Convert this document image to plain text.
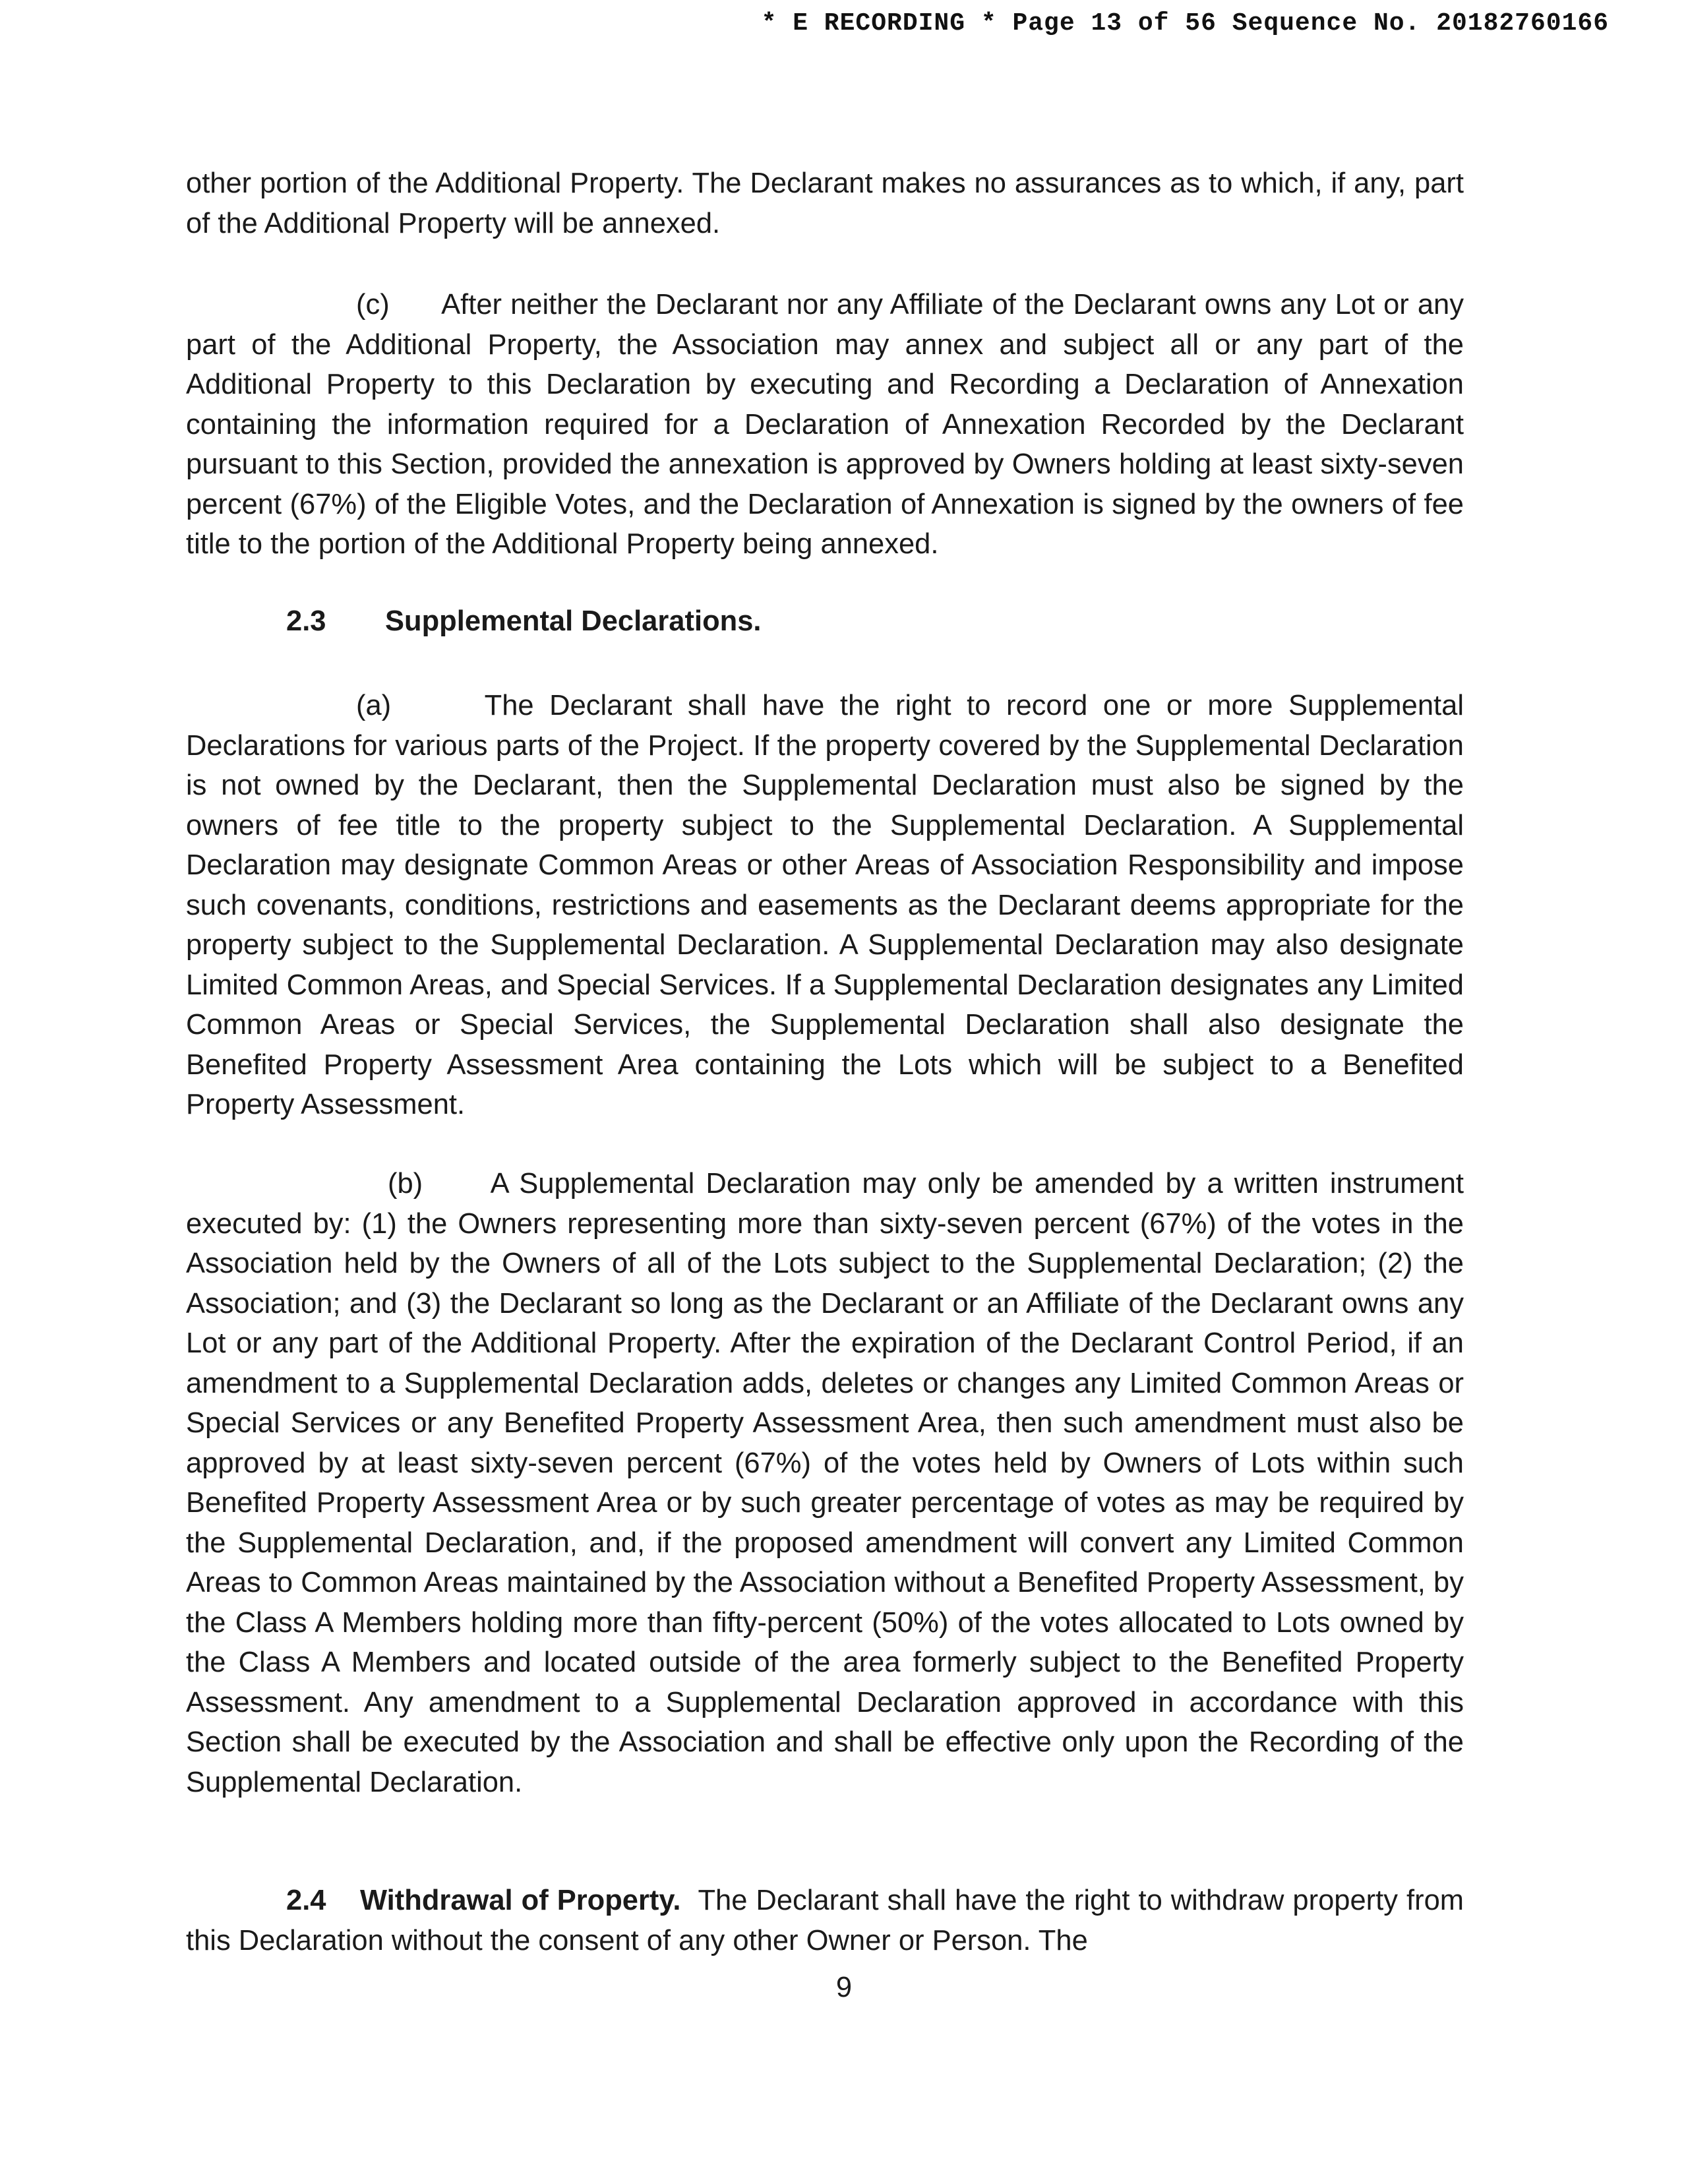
* E RECORDING * Page 13 of 56 Sequence No. 20182760166

other portion of the Additional Property. The Declarant makes no assurances as to which, if any, part of the Additional Property will be annexed.

(c)      After neither the Declarant nor any Affiliate of the Declarant owns any Lot or any part of the Additional Property, the Association may annex and subject all or any part of the Additional Property to this Declaration by executing and Recording a Declaration of Annexation containing the information required for a Declaration of Annexation Recorded by the Declarant pursuant to this Section, provided the annexation is approved by Owners holding at least sixty-seven percent (67%) of the Eligible Votes, and the Declaration of Annexation is signed by the owners of fee title to the portion of the Additional Property being annexed.

2.3 Supplemental Declarations.

(a)      The Declarant shall have the right to record one or more Supplemental Declarations for various parts of the Project. If the property covered by the Supplemental Declaration is not owned by the Declarant, then the Supplemental Declaration must also be signed by the owners of fee title to the property subject to the Supplemental Declaration. A Supplemental Declaration may designate Common Areas or other Areas of Association Responsibility and impose such covenants, conditions, restrictions and easements as the Declarant deems appropriate for the property subject to the Supplemental Declaration. A Supplemental Declaration may also designate Limited Common Areas, and Special Services. If a Supplemental Declaration designates any Limited Common Areas or Special Services, the Supplemental Declaration shall also designate the Benefited Property Assessment Area containing the Lots which will be subject to a Benefited Property Assessment.

(b)      A Supplemental Declaration may only be amended by a written instrument executed by: (1) the Owners representing more than sixty-seven percent (67%) of the votes in the Association held by the Owners of all of the Lots subject to the Supplemental Declaration; (2) the Association; and (3) the Declarant so long as the Declarant or an Affiliate of the Declarant owns any Lot or any part of the Additional Property. After the expiration of the Declarant Control Period, if an amendment to a Supplemental Declaration adds, deletes or changes any Limited Common Areas or Special Services or any Benefited Property Assessment Area, then such amendment must also be approved by at least sixty-seven percent (67%) of the votes held by Owners of Lots within such Benefited Property Assessment Area or by such greater percentage of votes as may be required by the Supplemental Declaration, and, if the proposed amendment will convert any Limited Common Areas to Common Areas maintained by the Association without a Benefited Property Assessment, by the Class A Members holding more than fifty-percent (50%) of the votes allocated to Lots owned by the Class A Members and located outside of the area formerly subject to the Benefited Property Assessment. Any amendment to a Supplemental Declaration approved in accordance with this Section shall be executed by the Association and shall be effective only upon the Recording of the Supplemental Declaration.

2.4 Withdrawal of Property. The Declarant shall have the right to withdraw property from this Declaration without the consent of any other Owner or Person. The

9
